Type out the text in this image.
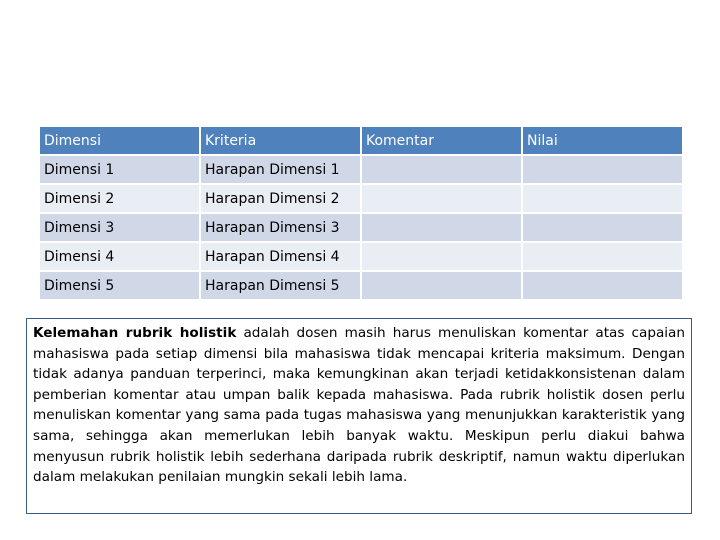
Dimensi	Kriteria	Komentar	Nilai
Dimensi 1	Harapan Dimensi 1		
Dimensi 2	Harapan Dimensi 2		
Dimensi 3	Harapan Dimensi 3		
Dimensi 4	Harapan Dimensi 4		
Dimensi 5	Harapan Dimensi 5		
Kelemahan rubrik holistik adalah dosen masih harus menuliskan komentar atas capaian mahasiswa pada setiap dimensi bila mahasiswa tidak mencapai kriteria maksimum. Dengan tidak adanya panduan terperinci, maka kemungkinan akan terjadi ketidakkonsistenan dalam pemberian komentar atau umpan balik kepada mahasiswa. Pada rubrik holistik dosen perlu menuliskan komentar yang sama pada tugas mahasiswa yang menunjukkan karakteristik yang sama, sehingga akan memerlukan lebih banyak waktu. Meskipun perlu diakui bahwa menyusun rubrik holistik lebih sederhana daripada rubrik deskriptif, namun waktu diperlukan dalam melakukan penilaian mungkin sekali lebih lama.
